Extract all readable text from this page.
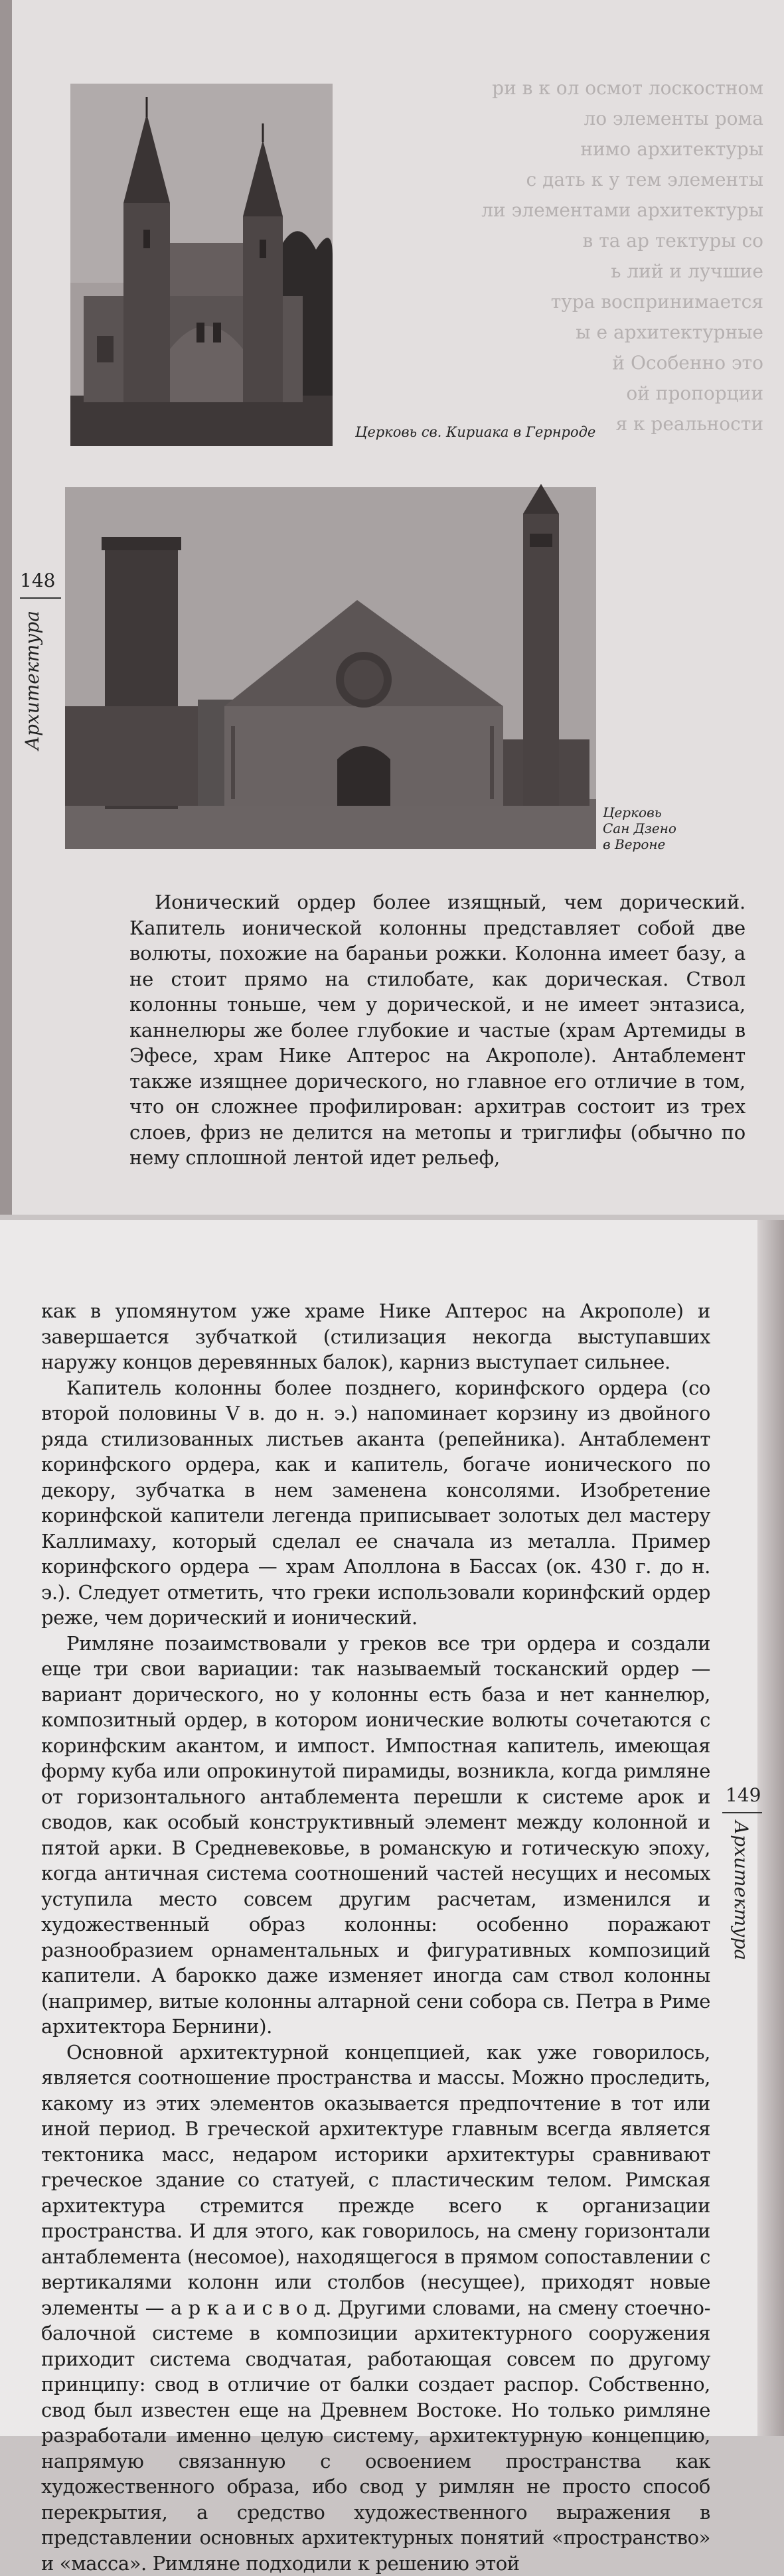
ри в к ол осмот лоскостном
ло элементы рома
нимо архитектуры
с дать к у тем элементы
ли элементами архитектуры
в та ар тектуры со
ь лий и лучшие
тура воспринимается
ы е архитектурные
й Особенно это
ой пропорции
я к реальности
Церковь св. Кириака в Гернроде
Церковь
Сан Дзено
в Вероне
148
Архитектура

Ионический ордер более изящный, чем дорический. Капитель ионической колонны представляет собой две волюты, похожие на бараньи рожки. Колонна имеет базу, а не стоит прямо на стилобате, как дорическая. Ствол колонны тоньше, чем у дорической, и не имеет энтазиса, каннелюры же более глубокие и частые (храм Артемиды в Эфесе, храм Нике Аптерос на Акрополе). Антаблемент также изящнее дорического, но главное его отличие в том, что он сложнее профилирован: архитрав состоит из трех слоев, фриз не делится на метопы и триглифы (обычно по нему сплошной лентой идет рельеф,

как в упомянутом уже храме Нике Аптерос на Акрополе) и завершается зубчаткой (стилизация некогда выступавших наружу концов деревянных балок), карниз выступает сильнее.

Капитель колонны более позднего, коринфского ордера (со второй половины V в. до н. э.) напоминает корзину из двойного ряда стилизованных листьев аканта (репейника). Антаблемент коринфского ордера, как и капитель, богаче ионического по декору, зубчатка в нем заменена консолями. Изобретение коринфской капители легенда приписывает золотых дел мастеру Каллимаху, который сделал ее сначала из металла. Пример коринфского ордера — храм Аполлона в Бассах (ок. 430 г. до н. э.). Следует отметить, что греки использовали коринфский ордер реже, чем дорический и ионический.

Римляне позаимствовали у греков все три ордера и создали еще три свои вариации: так называемый тосканский ордер — вариант дорического, но у колонны есть база и нет каннелюр, композитный ордер, в котором ионические волюты сочетаются с коринфским акантом, и импост. Импостная капитель, имеющая форму куба или опрокинутой пирамиды, возникла, когда римляне от горизонтального антаблемента перешли к системе арок и сводов, как особый конструктивный элемент между колонной и пятой арки. В Средневековье, в романскую и готическую эпоху, когда античная система соотношений частей несущих и несомых уступила место совсем другим расчетам, изменился и художественный образ колонны: особенно поражают разнообразием орнаментальных и фигуративных композиций капители. А барокко даже изменяет иногда сам ствол колонны (например, витые колонны алтарной сени собора св. Петра в Риме архитектора Бернини).

Основной архитектурной концепцией, как уже говорилось, является соотношение пространства и массы. Можно проследить, какому из этих элементов оказывается предпочтение в тот или иной период. В греческой архитектуре главным всегда является тектоника масс, недаром историки архитектуры сравнивают греческое здание со статуей, с пластическим телом. Римская архитектура стремится прежде всего к организации пространства. И для этого, как говорилось, на смену горизонтали антаблемента (несомое), находящегося в прямом сопоставлении с вертикалями колонн или столбов (несущее), приходят новые элементы — а р к а и с в о д. Другими словами, на смену стоечно-балочной системе в композиции архитектурного сооружения приходит система сводчатая, работающая совсем по другому принципу: свод в отличие от балки создает распор. Собственно, свод был известен еще на Древнем Востоке. Но только римляне разработали именно целую систему, архитектурную концепцию, напрямую связанную с освоением пространства как художественного образа, ибо свод у римлян не просто способ перекрытия, а средство художественного выражения в представлении основных архитектурных понятий «пространство» и «масса». Римляне подходили к решению этой

149
Архитектура
